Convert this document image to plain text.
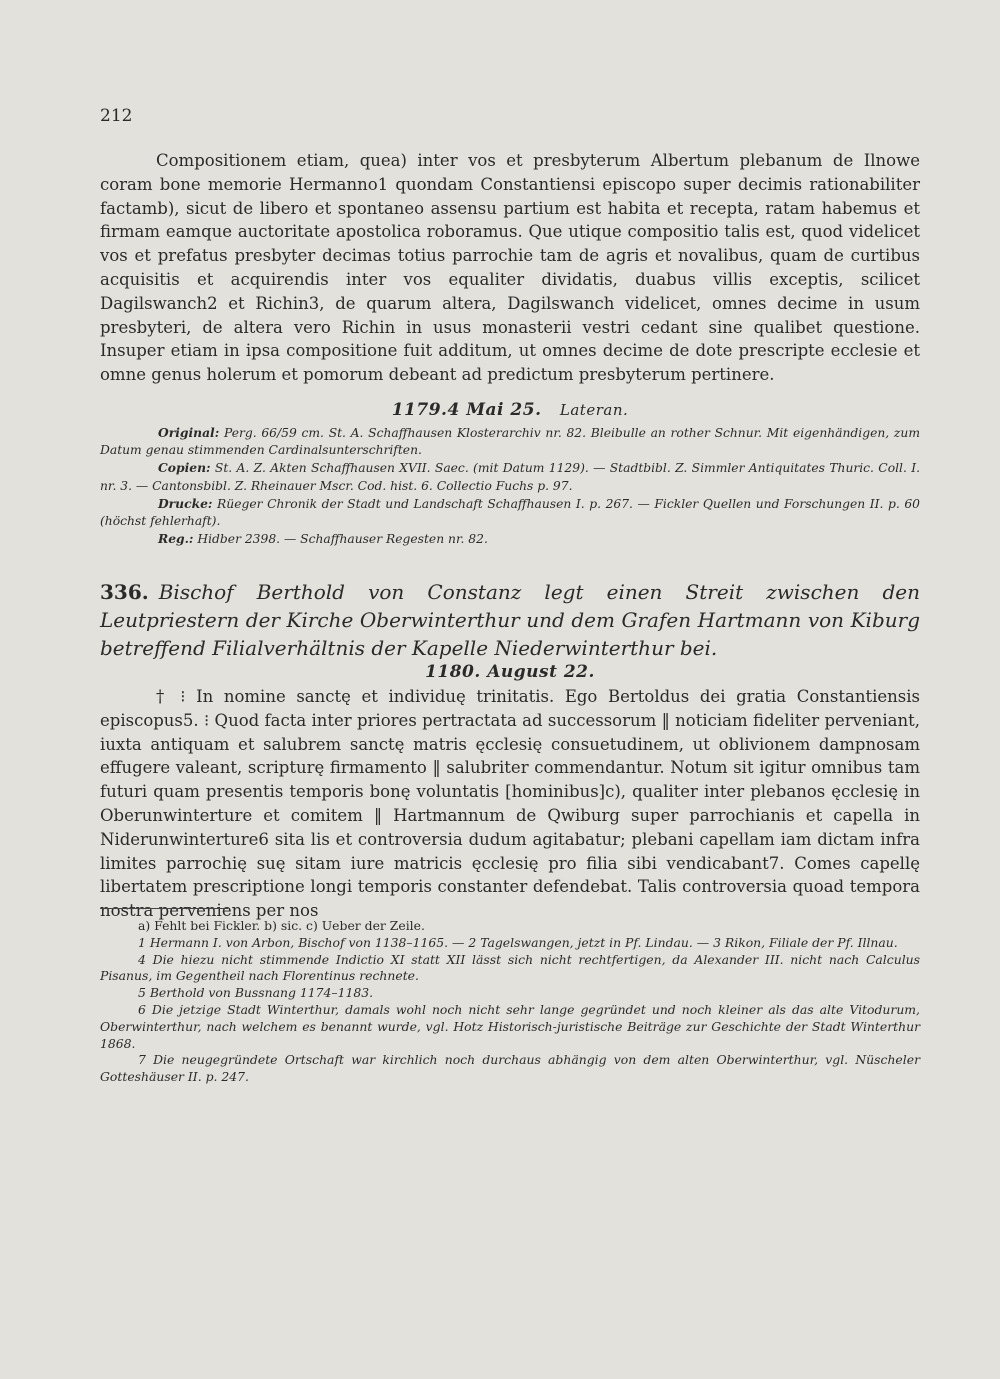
212
Compositionem etiam, quea) inter vos et presbyterum Albertum plebanum de Ilnowe coram bone memorie Hermanno1 quondam Constantiensi episcopo super decimis rationabiliter factamb), sicut de libero et spontaneo assensu partium est habita et recepta, ratam habemus et firmam eamque auctoritate apostolica roboramus. Que utique compositio talis est, quod videlicet vos et prefatus presbyter decimas totius parrochie tam de agris et novalibus, quam de curtibus acquisitis et acquirendis inter vos equaliter dividatis, duabus villis exceptis, scilicet Dagilswanch2 et Richin3, de quarum altera, Dagilswanch videlicet, omnes decime in usum presbyteri, de altera vero Richin in usus monasterii vestri cedant sine qualibet questione. Insuper etiam in ipsa compositione fuit additum, ut omnes decime de dote prescripte ecclesie et omne genus holerum et pomorum debeant ad predictum presbyterum pertinere.
1179.4 Mai 25. Lateran.

Original: Perg. 66/59 cm. St. A. Schaffhausen Klosterarchiv nr. 82. Bleibulle an rother Schnur. Mit eigenhändigen, zum Datum genau stimmenden Cardinalsunterschriften.

Copien: St. A. Z. Akten Schaffhausen XVII. Saec. (mit Datum 1129). — Stadtbibl. Z. Simmler Antiquitates Thuric. Coll. I. nr. 3. — Cantonsbibl. Z. Rheinauer Mscr. Cod. hist. 6. Collectio Fuchs p. 97.

Drucke: Rüeger Chronik der Stadt und Landschaft Schaffhausen I. p. 267. — Fickler Quellen und Forschungen II. p. 60 (höchst fehlerhaft).

Reg.: Hidber 2398. — Schaffhauser Regesten nr. 82.

336. Bischof Berthold von Constanz legt einen Streit zwischen den Leutpriestern der Kirche Oberwinterthur und dem Grafen Hartmann von Kiburg betreffend Filialverhältnis der Kapelle Niederwinterthur bei.
1180. August 22.
† ⁝ In nomine sanctę et individuę trinitatis. Ego Bertoldus dei gratia Constantiensis episcopus5. ⁝ Quod facta inter priores pertractata ad successorum ‖ noticiam fideliter perveniant, iuxta antiquam et salubrem sanctę matris ęcclesię consuetudinem, ut oblivionem dampnosam effugere valeant, scripturę firmamento ‖ salubriter commendantur. Notum sit igitur omnibus tam futuri quam presentis temporis bonę voluntatis [hominibus]c), qualiter inter plebanos ęcclesię in Oberunwinterture et comitem ‖ Hartmannum de Qwiburg super parrochianis et capella in Niderunwinterture6 sita lis et controversia dudum agitabatur; plebani capellam iam dictam infra limites parrochię suę sitam iure matricis ęcclesię pro filia sibi vendicabant7. Comes capellę libertatem prescriptione longi temporis constanter defendebat. Talis controversia quoad tempora nostra perveniens per nos

a) Fehlt bei Fickler. b) sic. c) Ueber der Zeile.

1 Hermann I. von Arbon, Bischof von 1138–1165. — 2 Tagelswangen, jetzt in Pf. Lindau. — 3 Rikon, Filiale der Pf. Illnau.

4 Die hiezu nicht stimmende Indictio XI statt XII lässt sich nicht rechtfertigen, da Alexander III. nicht nach Calculus Pisanus, im Gegentheil nach Florentinus rechnete.

5 Berthold von Bussnang 1174–1183.

6 Die jetzige Stadt Winterthur, damals wohl noch nicht sehr lange gegründet und noch kleiner als das alte Vitodurum, Oberwinterthur, nach welchem es benannt wurde, vgl. Hotz Historisch-juristische Beiträge zur Geschichte der Stadt Winterthur 1868.

7 Die neugegründete Ortschaft war kirchlich noch durchaus abhängig von dem alten Oberwinterthur, vgl. Nüscheler Gotteshäuser II. p. 247.
